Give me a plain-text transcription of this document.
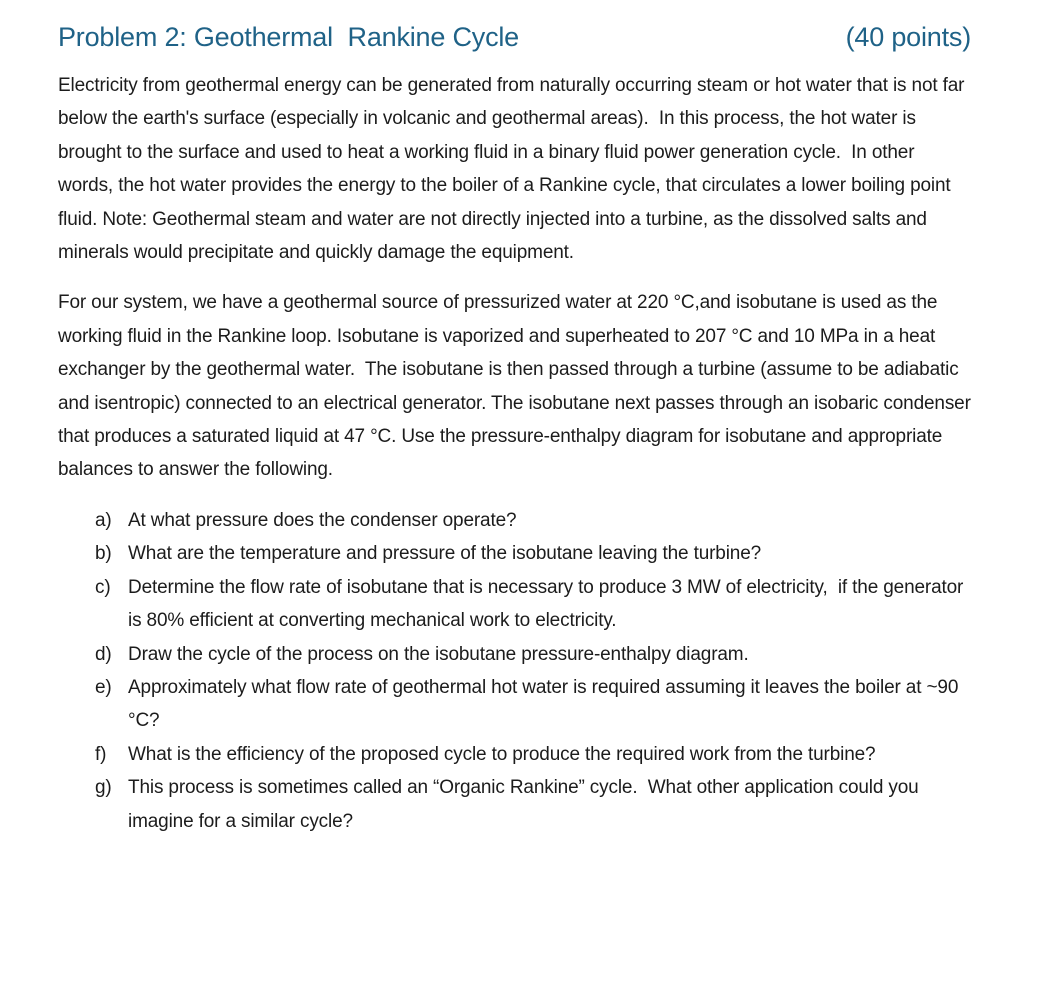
Problem 2: Geothermal  Rankine Cycle	(40 points)

Electricity from geothermal energy can be generated from naturally occurring steam or hot water that is not far below the earth's surface (especially in volcanic and geothermal areas).  In this process, the hot water is brought to the surface and used to heat a working fluid in a binary fluid power generation cycle.  In other words, the hot water provides the energy to the boiler of a Rankine cycle, that circulates a lower boiling point fluid. Note: Geothermal steam and water are not directly injected into a turbine, as the dissolved salts and minerals would precipitate and quickly damage the equipment.

For our system, we have a geothermal source of pressurized water at 220 °C,and isobutane is used as the working fluid in the Rankine loop. Isobutane is vaporized and superheated to 207 °C and 10 MPa in a heat exchanger by the geothermal water.  The isobutane is then passed through a turbine (assume to be adiabatic and isentropic) connected to an electrical generator. The isobutane next passes through an isobaric condenser that produces a saturated liquid at 47 °C. Use the pressure-enthalpy diagram for isobutane and appropriate balances to answer the following.

a) At what pressure does the condenser operate?
b) What are the temperature and pressure of the isobutane leaving the turbine?
c) Determine the flow rate of isobutane that is necessary to produce 3 MW of electricity,  if the generator is 80% efficient at converting mechanical work to electricity.
d) Draw the cycle of the process on the isobutane pressure-enthalpy diagram.
e) Approximately what flow rate of geothermal hot water is required assuming it leaves the boiler at ~90 °C?
f)	What is the efficiency of the proposed cycle to produce the required work from the turbine?
g) This process is sometimes called an “Organic Rankine” cycle.  What other application could you imagine for a similar cycle?
